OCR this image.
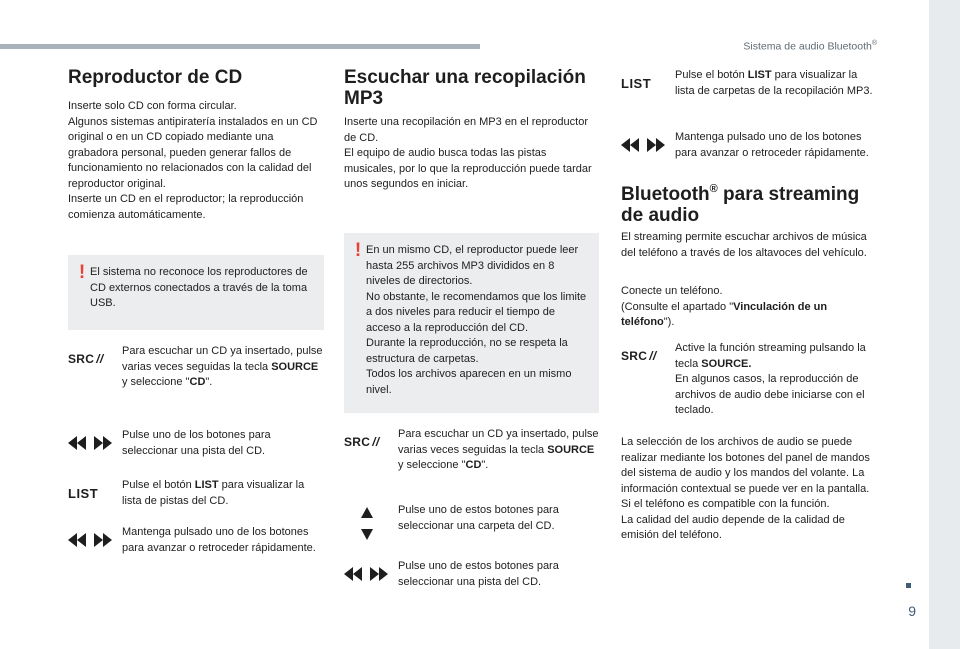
Sistema de audio Bluetooth®
9
Reproductor de CD

Inserte solo CD con forma circular.
Algunos sistemas antipiratería instalados en un CD original o en un CD copiado mediante una grabadora personal, pueden generar fallos de funcionamiento no relacionados con la calidad del reproductor original.
Inserte un CD en el reproductor; la reproducción comienza automáticamente.

! El sistema no reconoce los reproductores de CD externos conectados a través de la toma USB.

SRC //
Para escuchar un CD ya insertado, pulse varias veces seguidas la tecla SOURCE y seleccione "CD".
Pulse uno de los botones para seleccionar una pista del CD.
LIST
Pulse el botón LIST para visualizar la lista de pistas del CD.
Mantenga pulsado uno de los botones para avanzar o retroceder rápidamente.
Escuchar una recopilación MP3

Inserte una recopilación en MP3 en el reproductor de CD.
El equipo de audio busca todas las pistas musicales, por lo que la reproducción puede tardar unos segundos en iniciar.

! En un mismo CD, el reproductor puede leer hasta 255 archivos MP3 divididos en 8 niveles de directorios.
No obstante, le recomendamos que los limite a dos niveles para reducir el tiempo de acceso a la reproducción del CD.
Durante la reproducción, no se respeta la estructura de carpetas.
Todos los archivos aparecen en un mismo nivel.

SRC //
Para escuchar un CD ya insertado, pulse varias veces seguidas la tecla SOURCE y seleccione "CD".
Pulse uno de estos botones para seleccionar una carpeta del CD.
Pulse uno de estos botones para seleccionar una pista del CD.
LIST
Pulse el botón LIST para visualizar la lista de carpetas de la recopilación MP3.
Mantenga pulsado uno de los botones para avanzar o retroceder rápidamente.
Bluetooth® para streaming de audio

El streaming permite escuchar archivos de música del teléfono a través de los altavoces del vehículo.

Conecte un teléfono.
(Consulte el apartado "Vinculación de un teléfono").

SRC //
Active la función streaming pulsando la tecla SOURCE.
En algunos casos, la reproducción de archivos de audio debe iniciarse con el teclado.

La selección de los archivos de audio se puede realizar mediante los botones del panel de mandos del sistema de audio y los mandos del volante. La información contextual se puede ver en la pantalla.
Si el teléfono es compatible con la función.
La calidad del audio depende de la calidad de emisión del teléfono.
